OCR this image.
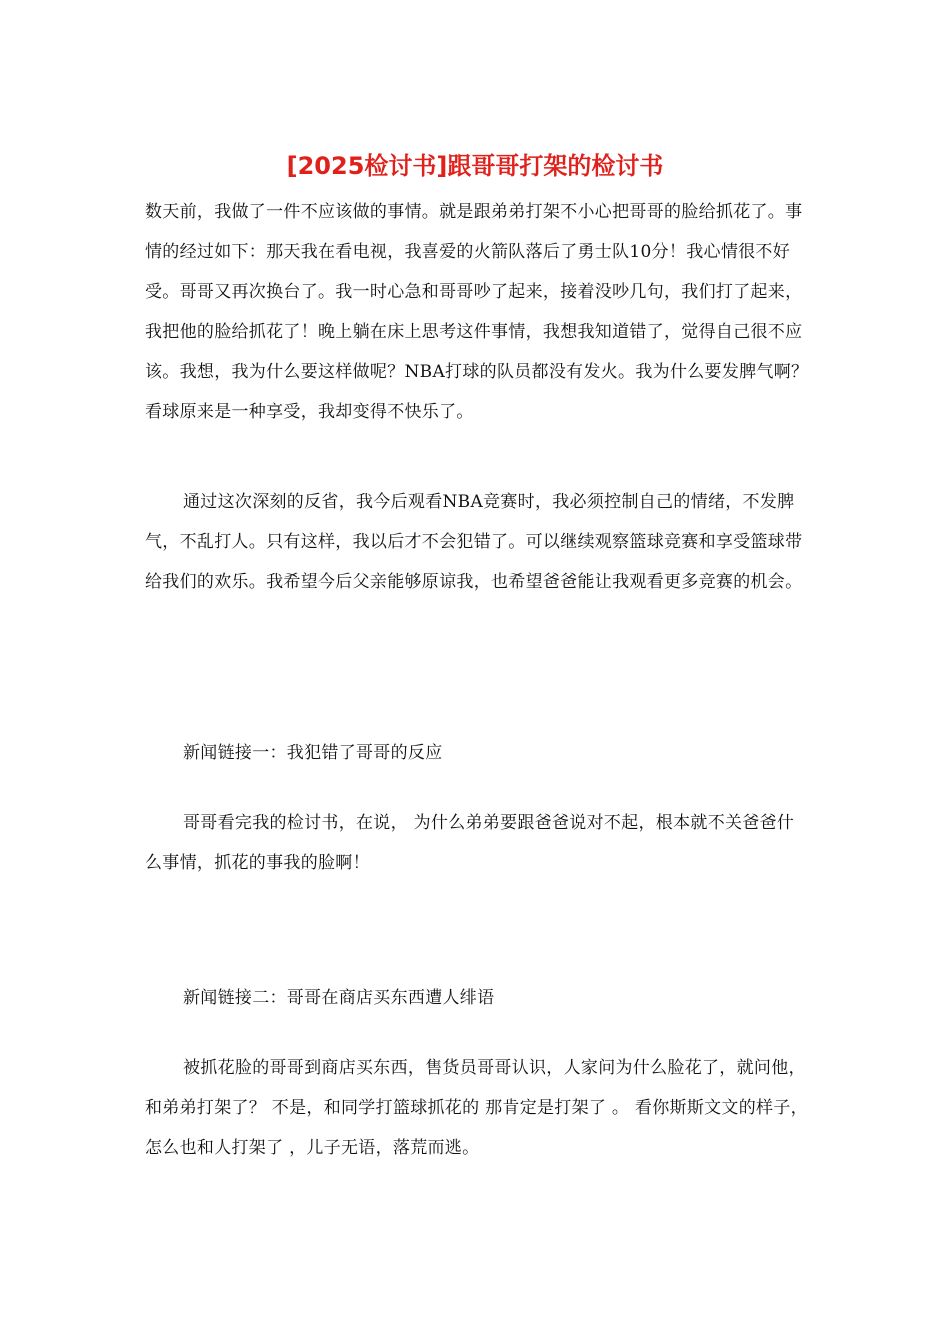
[2025检讨书]跟哥哥打架的检讨书

数天前，我做了一件不应该做的事情。就是跟弟弟打架不小心把哥哥的脸给抓花了。事情的经过如下：那天我在看电视，我喜爱的火箭队落后了勇士队10分！我心情很不好受。哥哥又再次换台了。我一时心急和哥哥吵了起来，接着没吵几句，我们打了起来，我把他的脸给抓花了！晚上躺在床上思考这件事情，我想我知道错了，觉得自己很不应该。我想，我为什么要这样做呢？NBA打球的队员都没有发火。我为什么要发脾气啊？看球原来是一种享受，我却变得不快乐了。

通过这次深刻的反省，我今后观看NBA竞赛时，我必须控制自己的情绪，不发脾气，不乱打人。只有这样，我以后才不会犯错了。可以继续观察篮球竞赛和享受篮球带给我们的欢乐。我希望今后父亲能够原谅我，也希望爸爸能让我观看更多竞赛的机会。

新闻链接一：我犯错了哥哥的反应

哥哥看完我的检讨书，在说， 为什么弟弟要跟爸爸说对不起，根本就不关爸爸什么事情，抓花的事我的脸啊！

新闻链接二：哥哥在商店买东西遭人绯语

被抓花脸的哥哥到商店买东西，售货员哥哥认识，人家问为什么脸花了，就问他， 和弟弟打架了？ 不是，和同学打篮球抓花的 那肯定是打架了 。 看你斯斯文文的样子，怎么也和人打架了 ，儿子无语，落荒而逃。
